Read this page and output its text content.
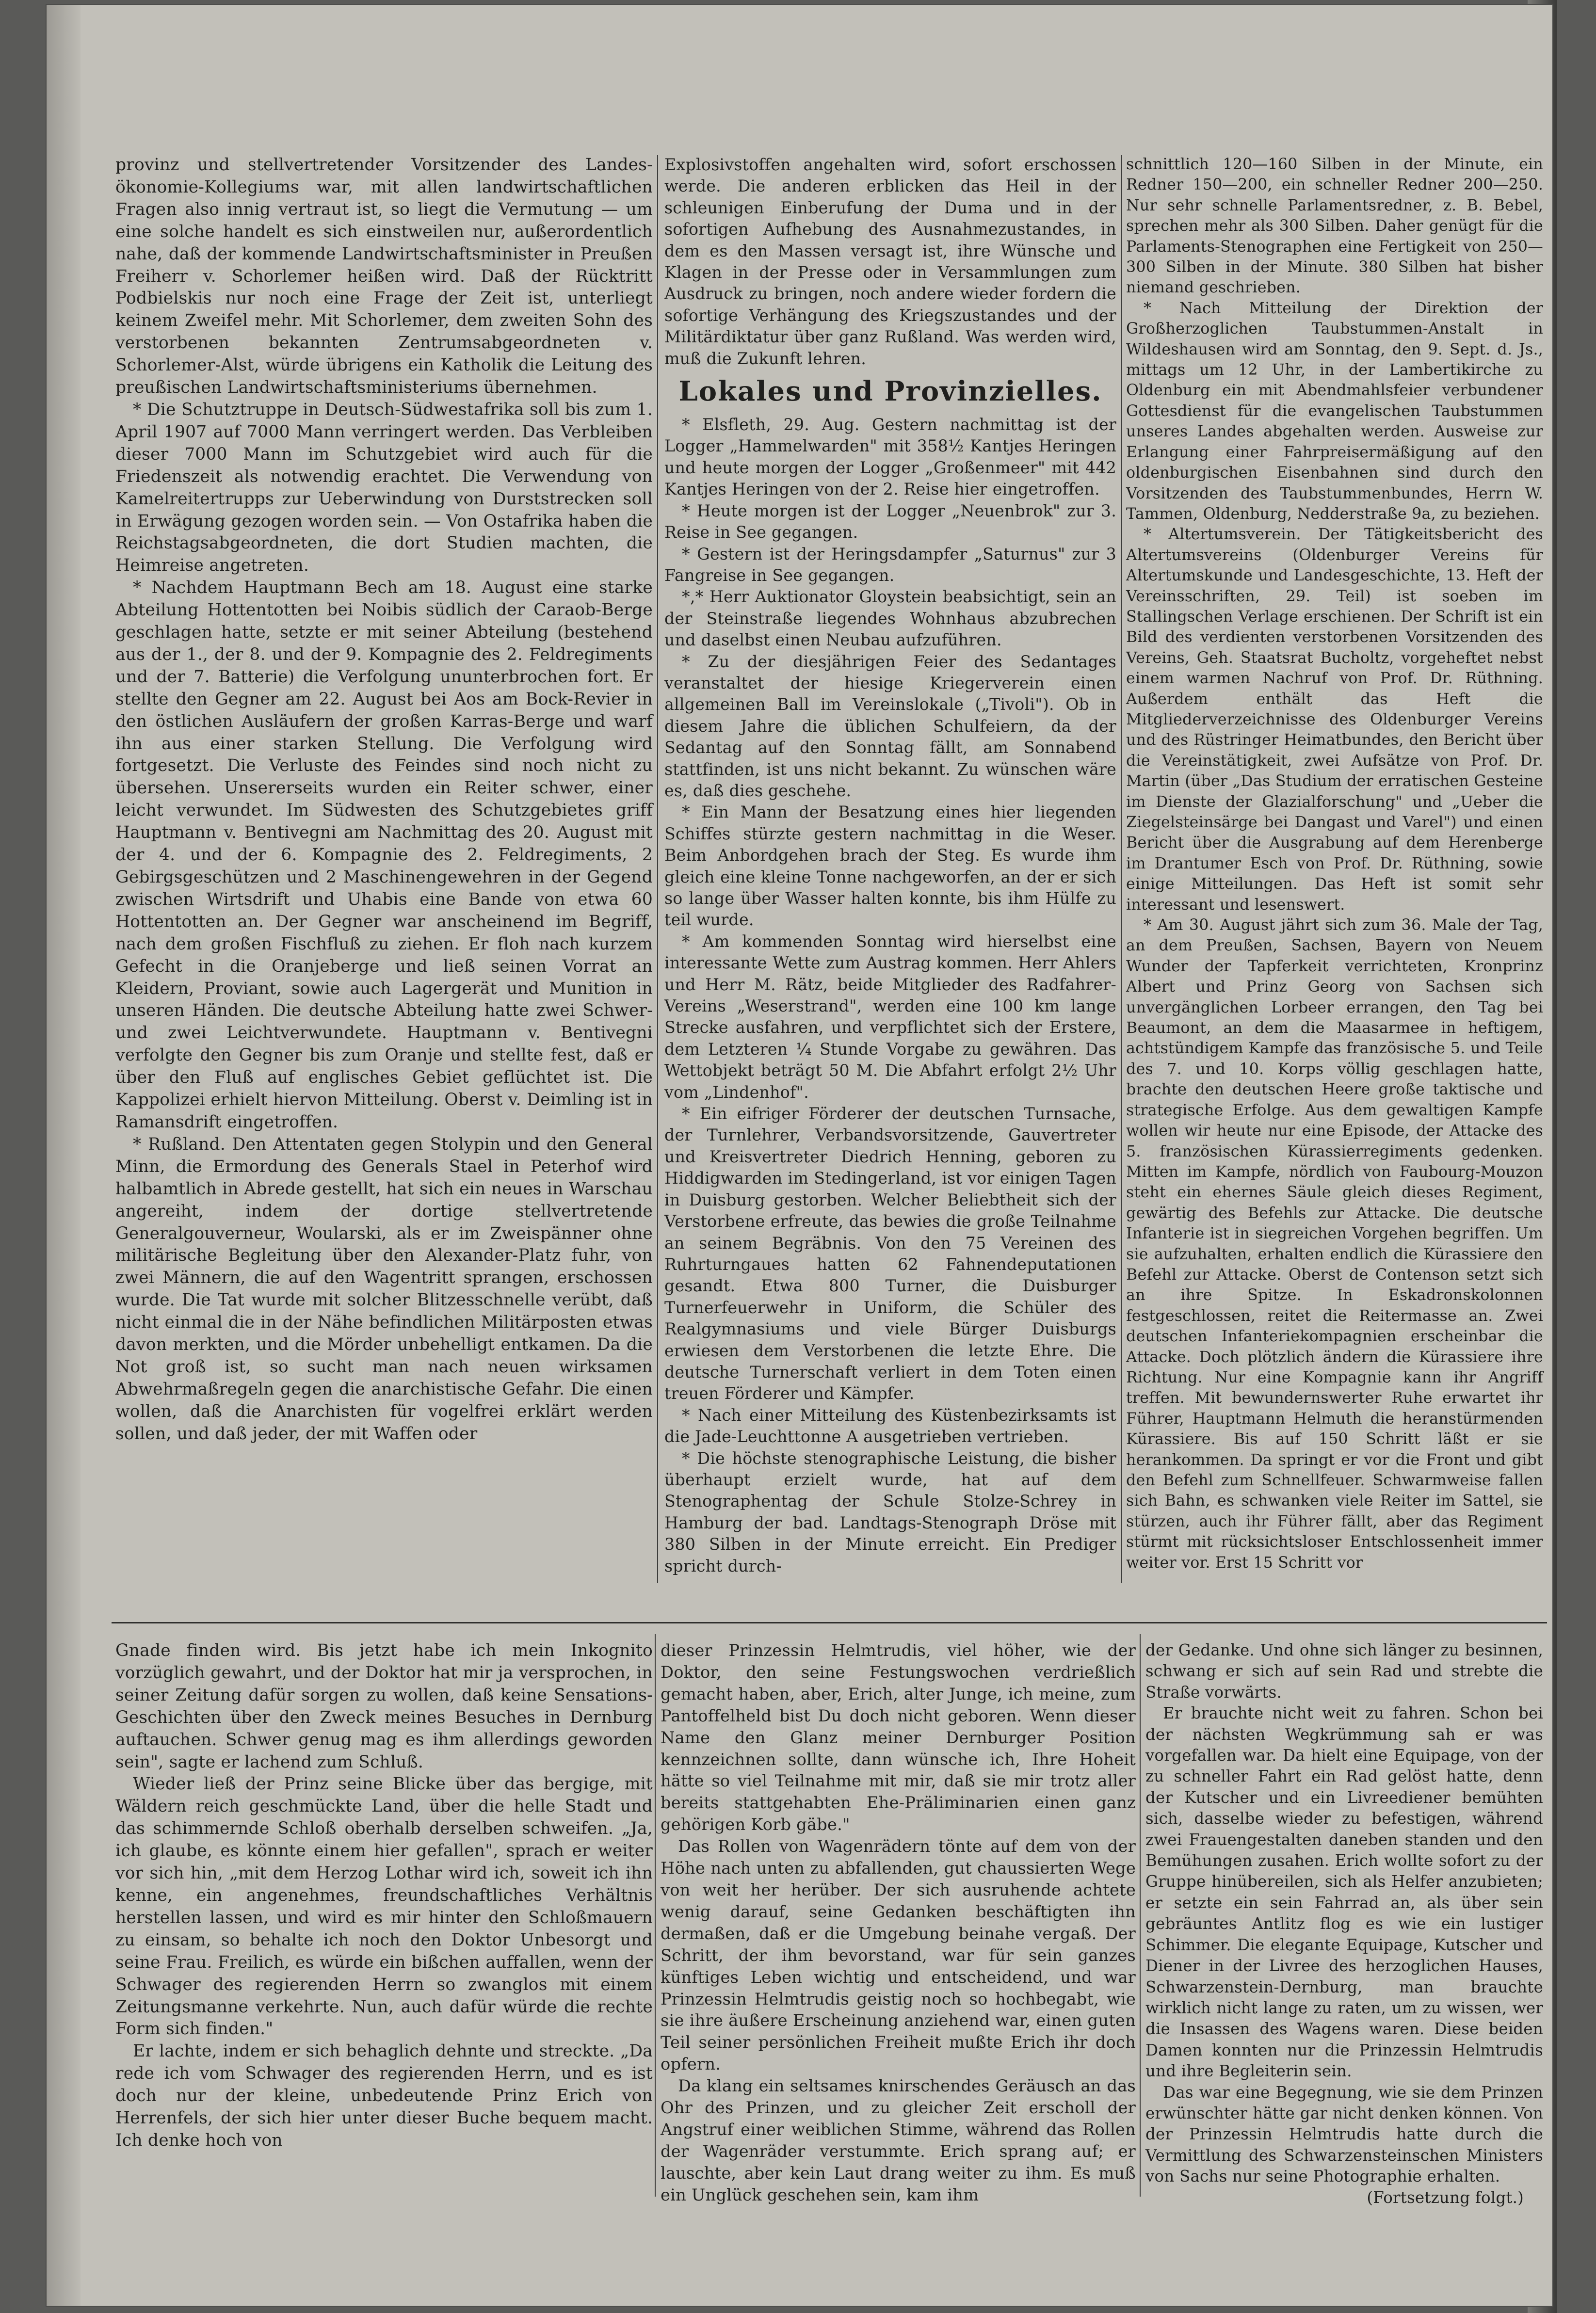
provinz und stellvertretender Vorsitzender des Landes-ökonomie-Kollegiums war, mit allen landwirtschaftlichen Fragen also innig vertraut ist, so liegt die Vermutung — um eine solche handelt es sich einstweilen nur, außerordentlich nahe, daß der kommende Landwirtschaftsminister in Preußen Freiherr v. Schorlemer heißen wird. Daß der Rücktritt Podbielskis nur noch eine Frage der Zeit ist, unterliegt keinem Zweifel mehr. Mit Schorlemer, dem zweiten Sohn des verstorbenen bekannten Zentrumsabgeordneten v. Schorlemer-Alst, würde übrigens ein Katholik die Leitung des preußischen Landwirtschaftsministeriums übernehmen.

* Die Schutztruppe in Deutsch-Südwestafrika soll bis zum 1. April 1907 auf 7000 Mann verringert werden. Das Verbleiben dieser 7000 Mann im Schutzgebiet wird auch für die Friedenszeit als notwendig erachtet. Die Verwendung von Kamelreitertrupps zur Ueberwindung von Durststrecken soll in Erwägung gezogen worden sein. — Von Ostafrika haben die Reichstagsabgeordneten, die dort Studien machten, die Heimreise angetreten.

* Nachdem Hauptmann Bech am 18. August eine starke Abteilung Hottentotten bei Noibis südlich der Caraob-Berge geschlagen hatte, setzte er mit seiner Abteilung (bestehend aus der 1., der 8. und der 9. Kompagnie des 2. Feldregiments und der 7. Batterie) die Verfolgung ununterbrochen fort. Er stellte den Gegner am 22. August bei Aos am Bock-Revier in den östlichen Ausläufern der großen Karras-Berge und warf ihn aus einer starken Stellung. Die Verfolgung wird fortgesetzt. Die Verluste des Feindes sind noch nicht zu übersehen. Unsererseits wurden ein Reiter schwer, einer leicht verwundet. Im Südwesten des Schutzgebietes griff Hauptmann v. Bentivegni am Nachmittag des 20. August mit der 4. und der 6. Kompagnie des 2. Feldregiments, 2 Gebirgsgeschützen und 2 Maschinengewehren in der Gegend zwischen Wirtsdrift und Uhabis eine Bande von etwa 60 Hottentotten an. Der Gegner war anscheinend im Begriff, nach dem großen Fischfluß zu ziehen. Er floh nach kurzem Gefecht in die Oranjeberge und ließ seinen Vorrat an Kleidern, Proviant, sowie auch Lagergerät und Munition in unseren Händen. Die deutsche Abteilung hatte zwei Schwer- und zwei Leichtverwundete. Hauptmann v. Bentivegni verfolgte den Gegner bis zum Oranje und stellte fest, daß er über den Fluß auf englisches Gebiet geflüchtet ist. Die Kappolizei erhielt hiervon Mitteilung. Oberst v. Deimling ist in Ramansdrift eingetroffen.

* Rußland. Den Attentaten gegen Stolypin und den General Minn, die Ermordung des Generals Stael in Peterhof wird halbamtlich in Abrede gestellt, hat sich ein neues in Warschau angereiht, indem der dortige stellvertretende Generalgouverneur, Woularski, als er im Zweispänner ohne militärische Begleitung über den Alexander-Platz fuhr, von zwei Männern, die auf den Wagentritt sprangen, erschossen wurde. Die Tat wurde mit solcher Blitzesschnelle verübt, daß nicht einmal die in der Nähe befindlichen Militärposten etwas davon merkten, und die Mörder unbehelligt entkamen. Da die Not groß ist, so sucht man nach neuen wirksamen Abwehrmaßregeln gegen die anarchistische Gefahr. Die einen wollen, daß die Anarchisten für vogelfrei erklärt werden sollen, und daß jeder, der mit Waffen oder

Explosivstoffen angehalten wird, sofort erschossen werde. Die anderen erblicken das Heil in der schleunigen Einberufung der Duma und in der sofortigen Aufhebung des Ausnahmezustandes, in dem es den Massen versagt ist, ihre Wünsche und Klagen in der Presse oder in Versammlungen zum Ausdruck zu bringen, noch andere wieder fordern die sofortige Verhängung des Kriegszustandes und der Militärdiktatur über ganz Rußland. Was werden wird, muß die Zukunft lehren.

Lokales und Provinzielles.

* Elsfleth, 29. Aug. Gestern nachmittag ist der Logger „Hammelwarden" mit 358½ Kantjes Heringen und heute morgen der Logger „Großenmeer" mit 442 Kantjes Heringen von der 2. Reise hier eingetroffen.

* Heute morgen ist der Logger „Neuenbrok" zur 3. Reise in See gegangen.

* Gestern ist der Heringsdampfer „Saturnus" zur 3 Fangreise in See gegangen.

*,* Herr Auktionator Gloystein beabsichtigt, sein an der Steinstraße liegendes Wohnhaus abzubrechen und daselbst einen Neubau aufzuführen.

* Zu der diesjährigen Feier des Sedantages veranstaltet der hiesige Kriegerverein einen allgemeinen Ball im Vereinslokale („Tivoli"). Ob in diesem Jahre die üblichen Schulfeiern, da der Sedantag auf den Sonntag fällt, am Sonnabend stattfinden, ist uns nicht bekannt. Zu wünschen wäre es, daß dies geschehe.

* Ein Mann der Besatzung eines hier liegenden Schiffes stürzte gestern nachmittag in die Weser. Beim Anbordgehen brach der Steg. Es wurde ihm gleich eine kleine Tonne nachgeworfen, an der er sich so lange über Wasser halten konnte, bis ihm Hülfe zu teil wurde.

* Am kommenden Sonntag wird hierselbst eine interessante Wette zum Austrag kommen. Herr Ahlers und Herr M. Rätz, beide Mitglieder des Radfahrer-Vereins „Weserstrand", werden eine 100 km lange Strecke ausfahren, und verpflichtet sich der Erstere, dem Letzteren ¼ Stunde Vorgabe zu gewähren. Das Wettobjekt beträgt 50 M. Die Abfahrt erfolgt 2½ Uhr vom „Lindenhof".

* Ein eifriger Förderer der deutschen Turnsache, der Turnlehrer, Verbandsvorsitzende, Gauvertreter und Kreisvertreter Diedrich Henning, geboren zu Hiddigwarden im Stedingerland, ist vor einigen Tagen in Duisburg gestorben. Welcher Beliebtheit sich der Verstorbene erfreute, das bewies die große Teilnahme an seinem Begräbnis. Von den 75 Vereinen des Ruhrturngaues hatten 62 Fahnendeputationen gesandt. Etwa 800 Turner, die Duisburger Turnerfeuerwehr in Uniform, die Schüler des Realgymnasiums und viele Bürger Duisburgs erwiesen dem Verstorbenen die letzte Ehre. Die deutsche Turnerschaft verliert in dem Toten einen treuen Förderer und Kämpfer.

* Nach einer Mitteilung des Küstenbezirksamts ist die Jade-Leuchttonne A ausgetrieben vertrieben.

* Die höchste stenographische Leistung, die bisher überhaupt erzielt wurde, hat auf dem Stenographentag der Schule Stolze-Schrey in Hamburg der bad. Landtags-Stenograph Dröse mit 380 Silben in der Minute erreicht. Ein Prediger spricht durch-

schnittlich 120—160 Silben in der Minute, ein Redner 150—200, ein schneller Redner 200—250. Nur sehr schnelle Parlamentsredner, z. B. Bebel, sprechen mehr als 300 Silben. Daher genügt für die Parlaments-Stenographen eine Fertigkeit von 250—300 Silben in der Minute. 380 Silben hat bisher niemand geschrieben.

* Nach Mitteilung der Direktion der Großherzoglichen Taubstummen-Anstalt in Wildeshausen wird am Sonntag, den 9. Sept. d. Js., mittags um 12 Uhr, in der Lambertikirche zu Oldenburg ein mit Abendmahlsfeier verbundener Gottesdienst für die evangelischen Taubstummen unseres Landes abgehalten werden. Ausweise zur Erlangung einer Fahrpreisermäßigung auf den oldenburgischen Eisenbahnen sind durch den Vorsitzenden des Taubstummenbundes, Herrn W. Tammen, Oldenburg, Nedderstraße 9a, zu beziehen.

* Altertumsverein. Der Tätigkeitsbericht des Altertumsvereins (Oldenburger Vereins für Altertumskunde und Landesgeschichte, 13. Heft der Vereinsschriften, 29. Teil) ist soeben im Stallingschen Verlage erschienen. Der Schrift ist ein Bild des verdienten verstorbenen Vorsitzenden des Vereins, Geh. Staatsrat Bucholtz, vorgeheftet nebst einem warmen Nachruf von Prof. Dr. Rüthning. Außerdem enthält das Heft die Mitgliederverzeichnisse des Oldenburger Vereins und des Rüstringer Heimatbundes, den Bericht über die Vereinstätigkeit, zwei Aufsätze von Prof. Dr. Martin (über „Das Studium der erratischen Gesteine im Dienste der Glazialforschung" und „Ueber die Ziegelsteinsärge bei Dangast und Varel") und einen Bericht über die Ausgrabung auf dem Herenberge im Drantumer Esch von Prof. Dr. Rüthning, sowie einige Mitteilungen. Das Heft ist somit sehr interessant und lesenswert.

* Am 30. August jährt sich zum 36. Male der Tag, an dem Preußen, Sachsen, Bayern von Neuem Wunder der Tapferkeit verrichteten, Kronprinz Albert und Prinz Georg von Sachsen sich unvergänglichen Lorbeer errangen, den Tag bei Beaumont, an dem die Maasarmee in heftigem, achtstündigem Kampfe das französische 5. und Teile des 7. und 10. Korps völlig geschlagen hatte, brachte den deutschen Heere große taktische und strategische Erfolge. Aus dem gewaltigen Kampfe wollen wir heute nur eine Episode, der Attacke des 5. französischen Kürassierregiments gedenken. Mitten im Kampfe, nördlich von Faubourg-Mouzon steht ein ehernes Säule gleich dieses Regiment, gewärtig des Befehls zur Attacke. Die deutsche Infanterie ist in siegreichen Vorgehen begriffen. Um sie aufzuhalten, erhalten endlich die Kürassiere den Befehl zur Attacke. Oberst de Contenson setzt sich an ihre Spitze. In Eskadronskolonnen festgeschlossen, reitet die Reitermasse an. Zwei deutschen Infanteriekompagnien erscheinbar die Attacke. Doch plötzlich ändern die Kürassiere ihre Richtung. Nur eine Kompagnie kann ihr Angriff treffen. Mit bewundernswerter Ruhe erwartet ihr Führer, Hauptmann Helmuth die heranstürmenden Kürassiere. Bis auf 150 Schritt läßt er sie herankommen. Da springt er vor die Front und gibt den Befehl zum Schnellfeuer. Schwarmweise fallen sich Bahn, es schwanken viele Reiter im Sattel, sie stürzen, auch ihr Führer fällt, aber das Regiment stürmt mit rücksichtsloser Entschlossenheit immer weiter vor. Erst 15 Schritt vor

Gnade finden wird. Bis jetzt habe ich mein Inkognito vorzüglich gewahrt, und der Doktor hat mir ja versprochen, in seiner Zeitung dafür sorgen zu wollen, daß keine Sensations-Geschichten über den Zweck meines Besuches in Dernburg auftauchen. Schwer genug mag es ihm allerdings geworden sein", sagte er lachend zum Schluß.

Wieder ließ der Prinz seine Blicke über das bergige, mit Wäldern reich geschmückte Land, über die helle Stadt und das schimmernde Schloß oberhalb derselben schweifen. „Ja, ich glaube, es könnte einem hier gefallen", sprach er weiter vor sich hin, „mit dem Herzog Lothar wird ich, soweit ich ihn kenne, ein angenehmes, freundschaftliches Verhältnis herstellen lassen, und wird es mir hinter den Schloßmauern zu einsam, so behalte ich noch den Doktor Unbesorgt und seine Frau. Freilich, es würde ein bißchen auffallen, wenn der Schwager des regierenden Herrn so zwanglos mit einem Zeitungsmanne verkehrte. Nun, auch dafür würde die rechte Form sich finden."

Er lachte, indem er sich behaglich dehnte und streckte. „Da rede ich vom Schwager des regierenden Herrn, und es ist doch nur der kleine, unbedeutende Prinz Erich von Herrenfels, der sich hier unter dieser Buche bequem macht. Ich denke hoch von

dieser Prinzessin Helmtrudis, viel höher, wie der Doktor, den seine Festungswochen verdrießlich gemacht haben, aber, Erich, alter Junge, ich meine, zum Pantoffelheld bist Du doch nicht geboren. Wenn dieser Name den Glanz meiner Dernburger Position kennzeichnen sollte, dann wünsche ich, Ihre Hoheit hätte so viel Teilnahme mit mir, daß sie mir trotz aller bereits stattgehabten Ehe-Präliminarien einen ganz gehörigen Korb gäbe."

Das Rollen von Wagenrädern tönte auf dem von der Höhe nach unten zu abfallenden, gut chaussierten Wege von weit her herüber. Der sich ausruhende achtete wenig darauf, seine Gedanken beschäftigten ihn dermaßen, daß er die Umgebung beinahe vergaß. Der Schritt, der ihm bevorstand, war für sein ganzes künftiges Leben wichtig und entscheidend, und war Prinzessin Helmtrudis geistig noch so hochbegabt, wie sie ihre äußere Erscheinung anziehend war, einen guten Teil seiner persönlichen Freiheit mußte Erich ihr doch opfern.

Da klang ein seltsames knirschendes Geräusch an das Ohr des Prinzen, und zu gleicher Zeit erscholl der Angstruf einer weiblichen Stimme, während das Rollen der Wagenräder verstummte. Erich sprang auf; er lauschte, aber kein Laut drang weiter zu ihm. Es muß ein Unglück geschehen sein, kam ihm

der Gedanke. Und ohne sich länger zu besinnen, schwang er sich auf sein Rad und strebte die Straße vorwärts.

Er brauchte nicht weit zu fahren. Schon bei der nächsten Wegkrümmung sah er was vorgefallen war. Da hielt eine Equipage, von der zu schneller Fahrt ein Rad gelöst hatte, denn der Kutscher und ein Livreediener bemühten sich, dasselbe wieder zu befestigen, während zwei Frauengestalten daneben standen und den Bemühungen zusahen. Erich wollte sofort zu der Gruppe hinübereilen, sich als Helfer anzubieten; er setzte ein sein Fahrrad an, als über sein gebräuntes Antlitz flog es wie ein lustiger Schimmer. Die elegante Equipage, Kutscher und Diener in der Livree des herzoglichen Hauses, Schwarzenstein-Dernburg, man brauchte wirklich nicht lange zu raten, um zu wissen, wer die Insassen des Wagens waren. Diese beiden Damen konnten nur die Prinzessin Helmtrudis und ihre Begleiterin sein.

Das war eine Begegnung, wie sie dem Prinzen erwünschter hätte gar nicht denken können. Von der Prinzessin Helmtrudis hatte durch die Vermittlung des Schwarzensteinschen Ministers von Sachs nur seine Photographie erhalten.

(Fortsetzung folgt.)
